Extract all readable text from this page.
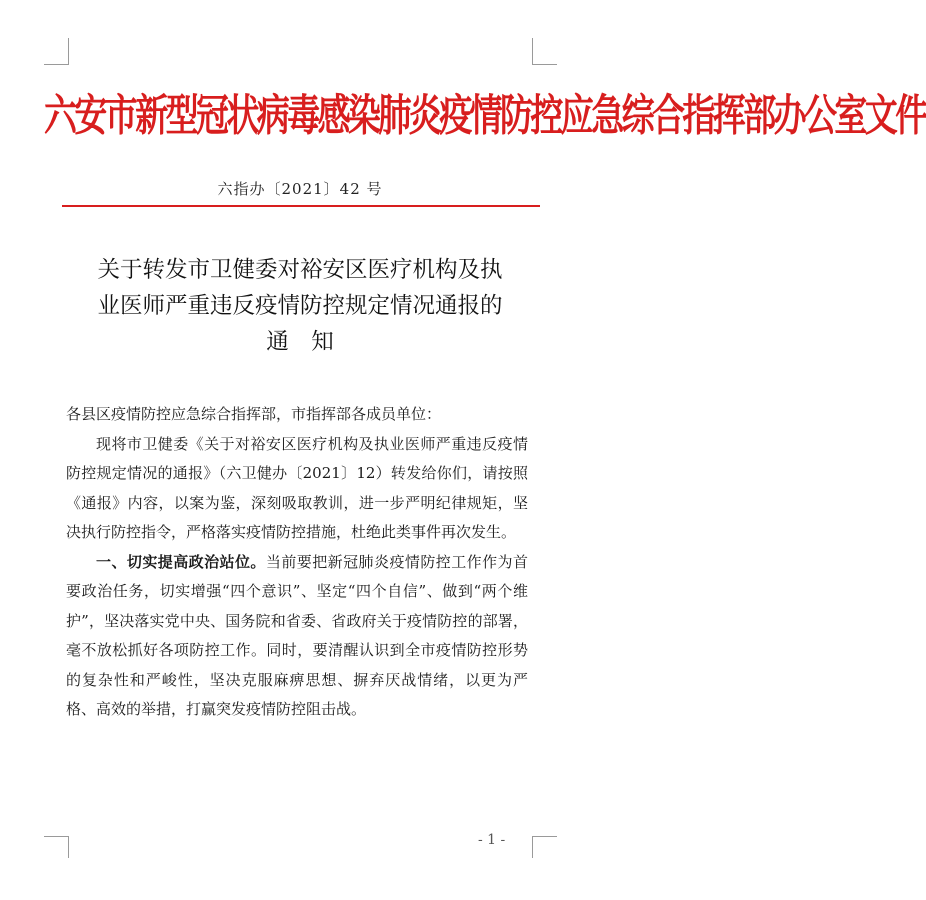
六安市新型冠状病毒感染肺炎疫情防控应急综合指挥部办公室文件
六指办〔2021〕42 号
关于转发市卫健委对裕安区医疗机构及执
业医师严重违反疫情防控规定情况通报的
通　知

各县区疫情防控应急综合指挥部，市指挥部各成员单位：

现将市卫健委《关于对裕安区医疗机构及执业医师严重违反疫情防控规定情况的通报》（六卫健办〔2021〕12）转发给你们，请按照《通报》内容，以案为鉴，深刻吸取教训，进一步严明纪律规矩，坚决执行防控指令，严格落实疫情防控措施，杜绝此类事件再次发生。

一、切实提高政治站位。当前要把新冠肺炎疫情防控工作作为首要政治任务，切实增强“四个意识”、坚定“四个自信”、做到“两个维护”，坚决落实党中央、国务院和省委、省政府关于疫情防控的部署，毫不放松抓好各项防控工作。同时，要清醒认识到全市疫情防控形势的复杂性和严峻性，坚决克服麻痹思想、摒弃厌战情绪，以更为严格、高效的举措，打赢突发疫情防控阻击战。

- 1 -
